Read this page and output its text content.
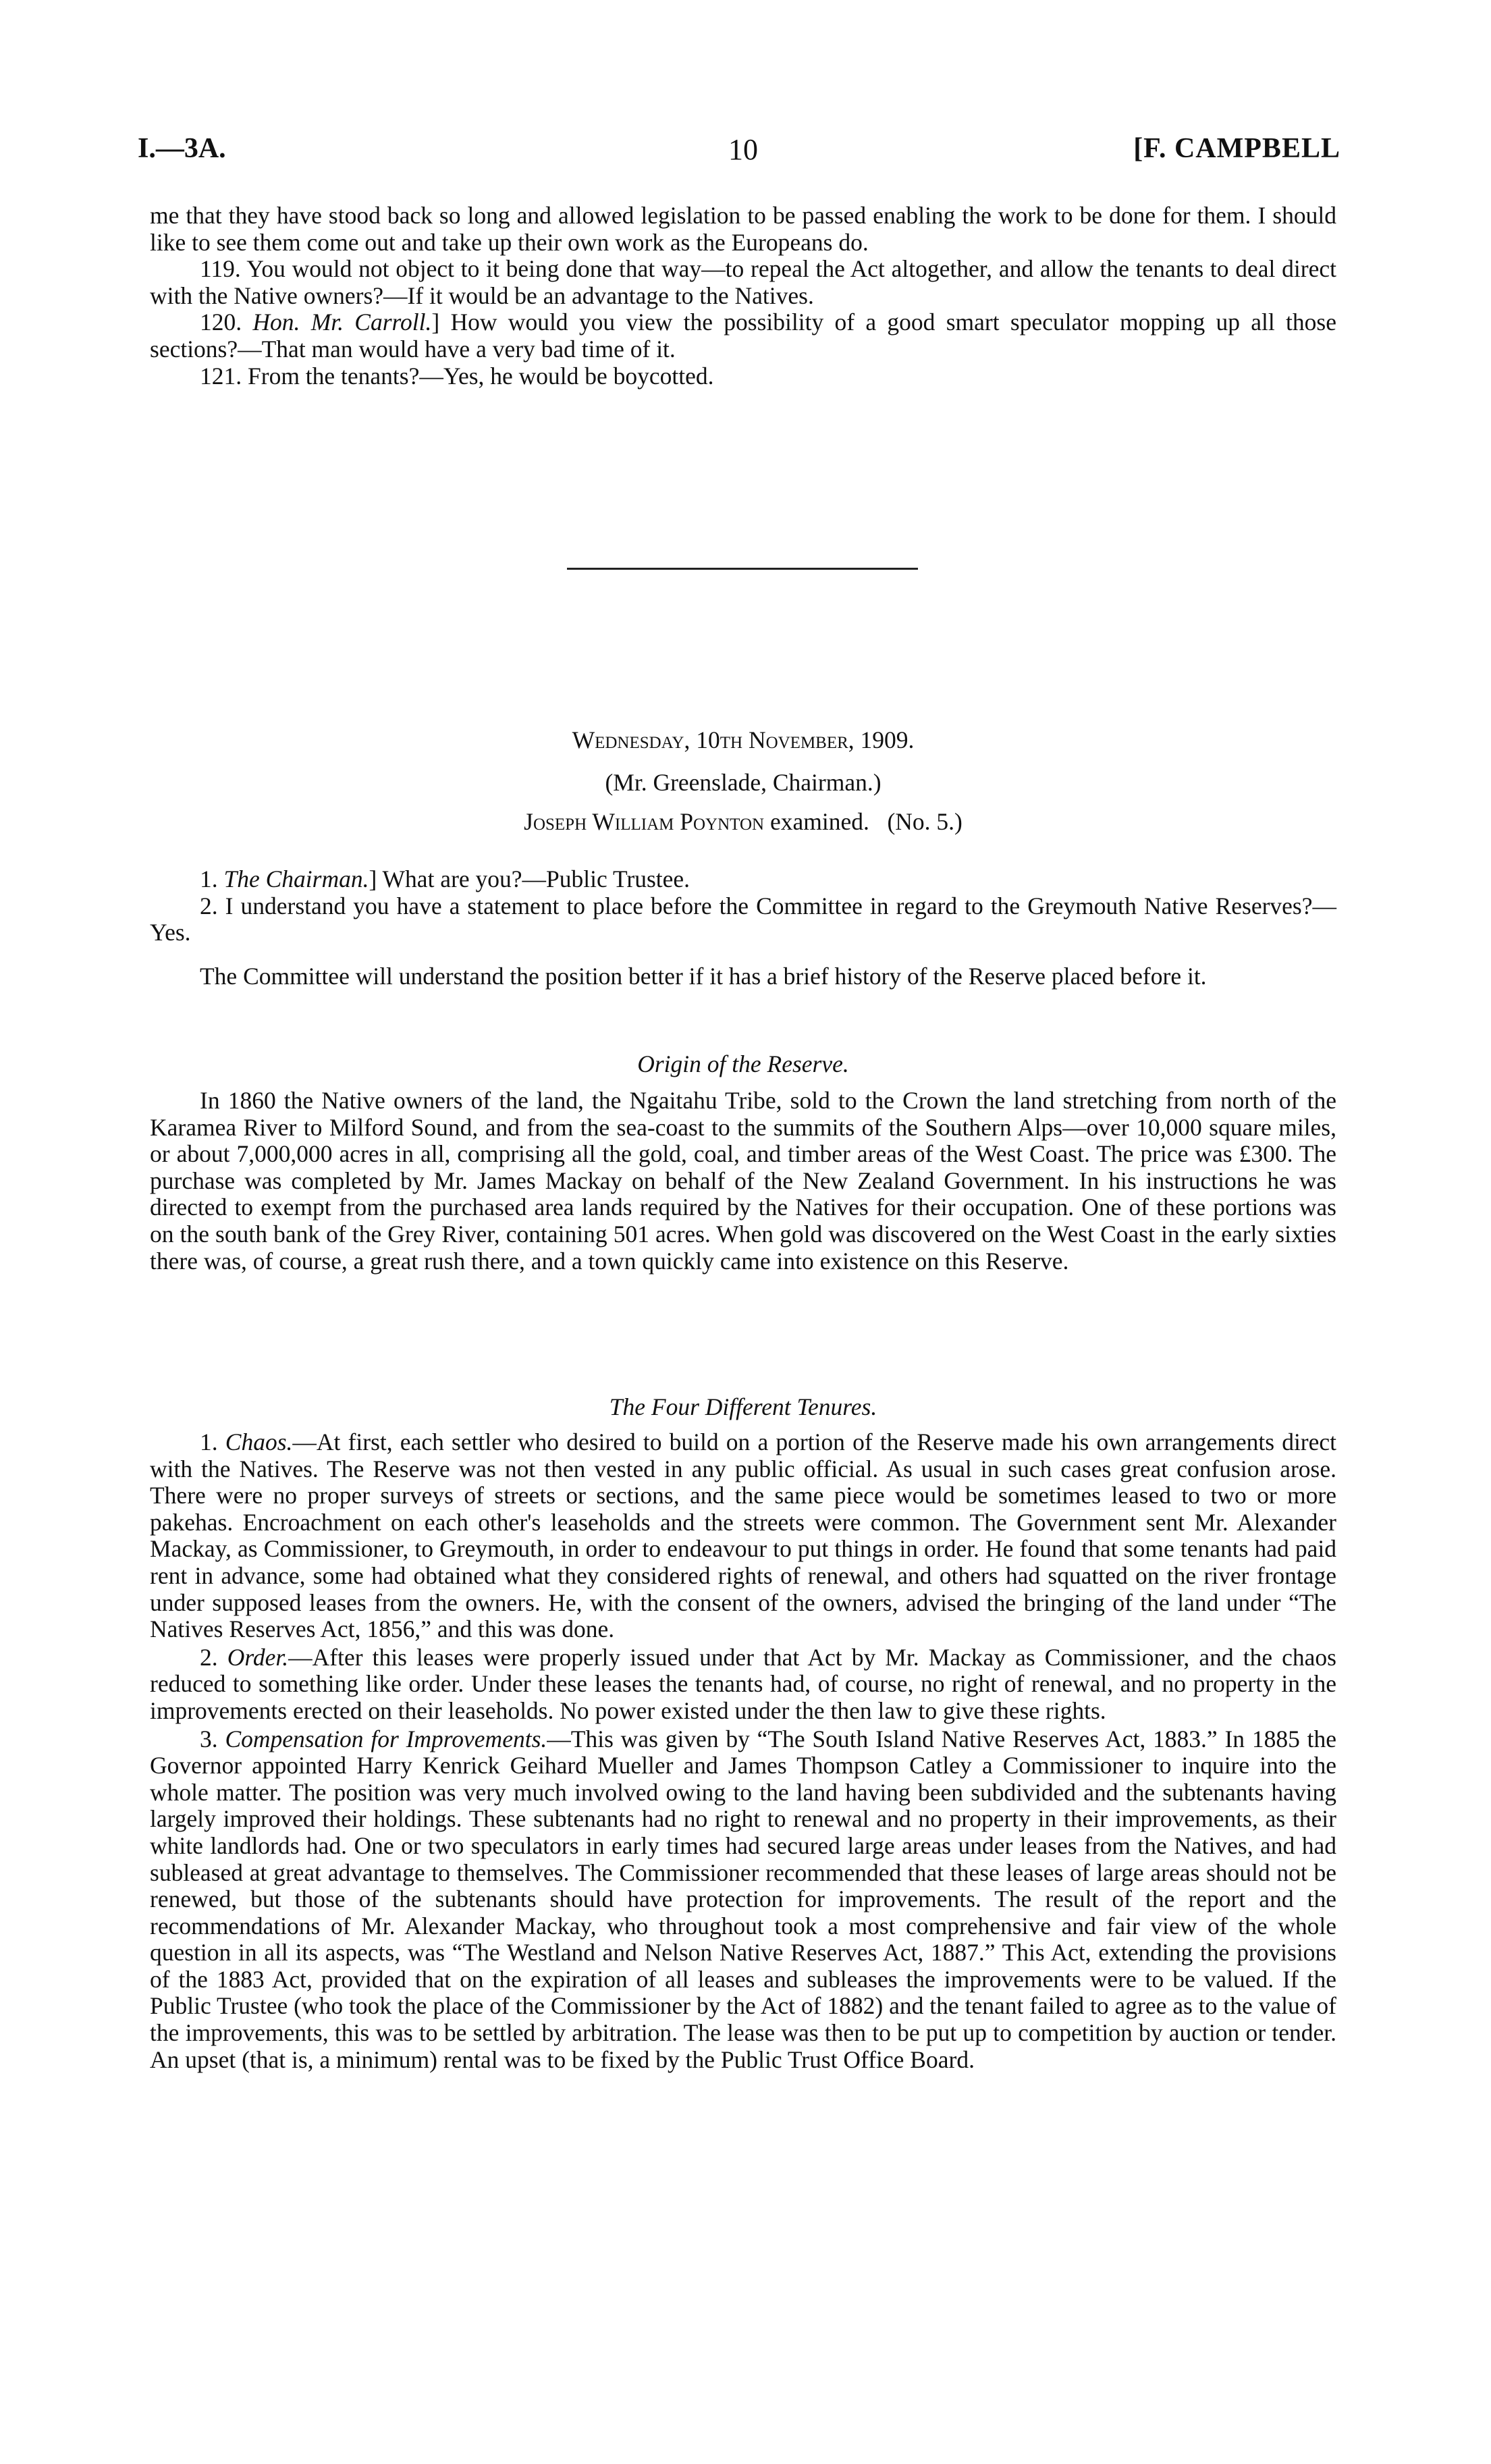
I.—3A.	10	[F. CAMPBELL

me that they have stood back so long and allowed legislation to be passed enabling the work to be done for them. I should like to see them come out and take up their own work as the Europeans do.

119. You would not object to it being done that way—to repeal the Act altogether, and allow the tenants to deal direct with the Native owners?—If it would be an advantage to the Natives.

120. Hon. Mr. Carroll.] How would you view the possibility of a good smart speculator mopping up all those sections?—That man would have a very bad time of it.

121. From the tenants?—Yes, he would be boycotted.

Wednesday, 10th November, 1909.
(Mr. Greenslade, Chairman.)
Joseph William Poynton examined. (No. 5.)

1. The Chairman.] What are you?—Public Trustee.

2. I understand you have a statement to place before the Committee in regard to the Greymouth Native Reserves?—Yes.

The Committee will understand the position better if it has a brief history of the Reserve placed before it.

Origin of the Reserve.

In 1860 the Native owners of the land, the Ngaitahu Tribe, sold to the Crown the land stretching from north of the Karamea River to Milford Sound, and from the sea-coast to the summits of the Southern Alps—over 10,000 square miles, or about 7,000,000 acres in all, comprising all the gold, coal, and timber areas of the West Coast. The price was £300. The purchase was completed by Mr. James Mackay on behalf of the New Zealand Government. In his instructions he was directed to exempt from the purchased area lands required by the Natives for their occupation. One of these portions was on the south bank of the Grey River, containing 501 acres. When gold was discovered on the West Coast in the early sixties there was, of course, a great rush there, and a town quickly came into existence on this Reserve.

The Four Different Tenures.

1. Chaos.—At first, each settler who desired to build on a portion of the Reserve made his own arrangements direct with the Natives. The Reserve was not then vested in any public official. As usual in such cases great confusion arose. There were no proper surveys of streets or sections, and the same piece would be sometimes leased to two or more pakehas. Encroachment on each other's leaseholds and the streets were common. The Government sent Mr. Alexander Mackay, as Commissioner, to Greymouth, in order to endeavour to put things in order. He found that some tenants had paid rent in advance, some had obtained what they considered rights of renewal, and others had squatted on the river frontage under supposed leases from the owners. He, with the consent of the owners, advised the bringing of the land under “The Natives Reserves Act, 1856,” and this was done.

2. Order.—After this leases were properly issued under that Act by Mr. Mackay as Commissioner, and the chaos reduced to something like order. Under these leases the tenants had, of course, no right of renewal, and no property in the improvements erected on their leaseholds. No power existed under the then law to give these rights.

3. Compensation for Improvements.—This was given by “The South Island Native Reserves Act, 1883.” In 1885 the Governor appointed Harry Kenrick Geihard Mueller and James Thompson Catley a Commissioner to inquire into the whole matter. The position was very much involved owing to the land having been subdivided and the subtenants having largely improved their holdings. These subtenants had no right to renewal and no property in their improvements, as their white landlords had. One or two speculators in early times had secured large areas under leases from the Natives, and had subleased at great advantage to themselves. The Commissioner recommended that these leases of large areas should not be renewed, but those of the subtenants should have protection for improvements. The result of the report and the recommendations of Mr. Alexander Mackay, who throughout took a most comprehensive and fair view of the whole question in all its aspects, was “The Westland and Nelson Native Reserves Act, 1887.” This Act, extending the provisions of the 1883 Act, provided that on the expiration of all leases and subleases the improvements were to be valued. If the Public Trustee (who took the place of the Commissioner by the Act of 1882) and the tenant failed to agree as to the value of the improvements, this was to be settled by arbitration. The lease was then to be put up to competition by auction or tender. An upset (that is, a minimum) rental was to be fixed by the Public Trust Office Board.
